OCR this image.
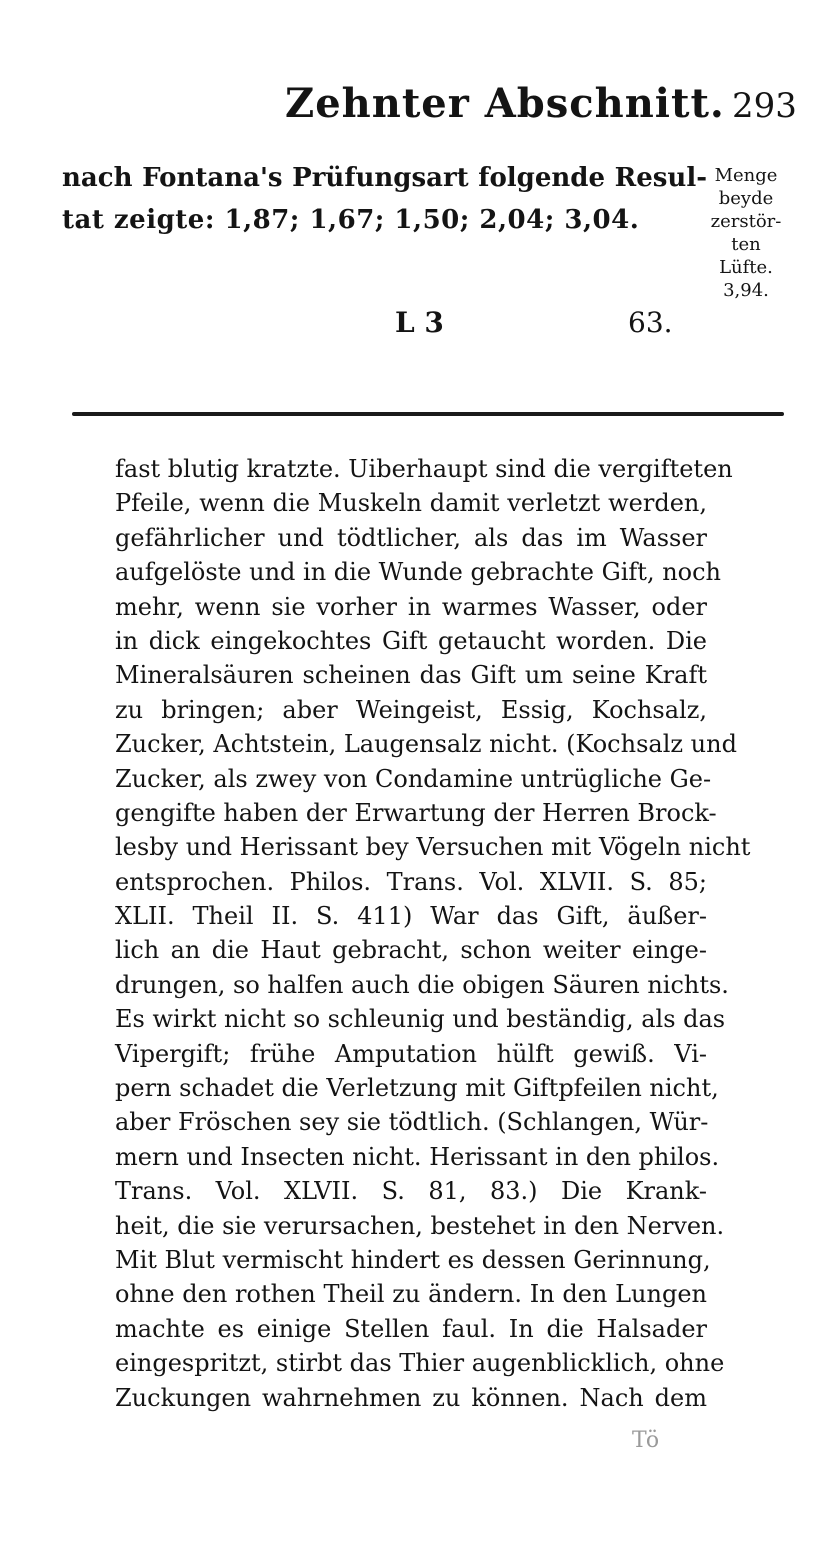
Zehnter Abschnitt. 293
nach Fontana's Prüfungsart folgende Resul-
tat zeigte: 1,87; 1,67; 1,50; 2,04; 3,04.
Menge
beyde
zerstör-
ten
Lüfte.
3,94.
L 3	63.
fast blutig kratzte. Uiberhaupt sind die vergifteten
Pfeile, wenn die Muskeln damit verletzt werden,
gefährlicher und tödtlicher, als das im Wasser
aufgelöste und in die Wunde gebrachte Gift, noch
mehr, wenn sie vorher in warmes Wasser, oder
in dick eingekochtes Gift getaucht worden. Die
Mineralsäuren scheinen das Gift um seine Kraft
zu bringen; aber Weingeist, Essig, Kochsalz,
Zucker, Achtstein, Laugensalz nicht. (Kochsalz und
Zucker, als zwey von Condamine untrügliche Ge-
gengifte haben der Erwartung der Herren Brock-
lesby und Herissant bey Versuchen mit Vögeln nicht
entsprochen. Philos. Trans. Vol. XLVII. S. 85;
XLII. Theil II. S. 411) War das Gift, äußer-
lich an die Haut gebracht, schon weiter einge-
drungen, so halfen auch die obigen Säuren nichts.
Es wirkt nicht so schleunig und beständig, als das
Vipergift; frühe Amputation hülft gewiß. Vi-
pern schadet die Verletzung mit Giftpfeilen nicht,
aber Fröschen sey sie tödtlich. (Schlangen, Wür-
mern und Insecten nicht. Herissant in den philos.
Trans. Vol. XLVII. S. 81, 83.) Die Krank-
heit, die sie verursachen, bestehet in den Nerven.
Mit Blut vermischt hindert es dessen Gerinnung,
ohne den rothen Theil zu ändern. In den Lungen
machte es einige Stellen faul. In die Halsader
eingespritzt, stirbt das Thier augenblicklich, ohne
Zuckungen wahrnehmen zu können. Nach dem
Tö
